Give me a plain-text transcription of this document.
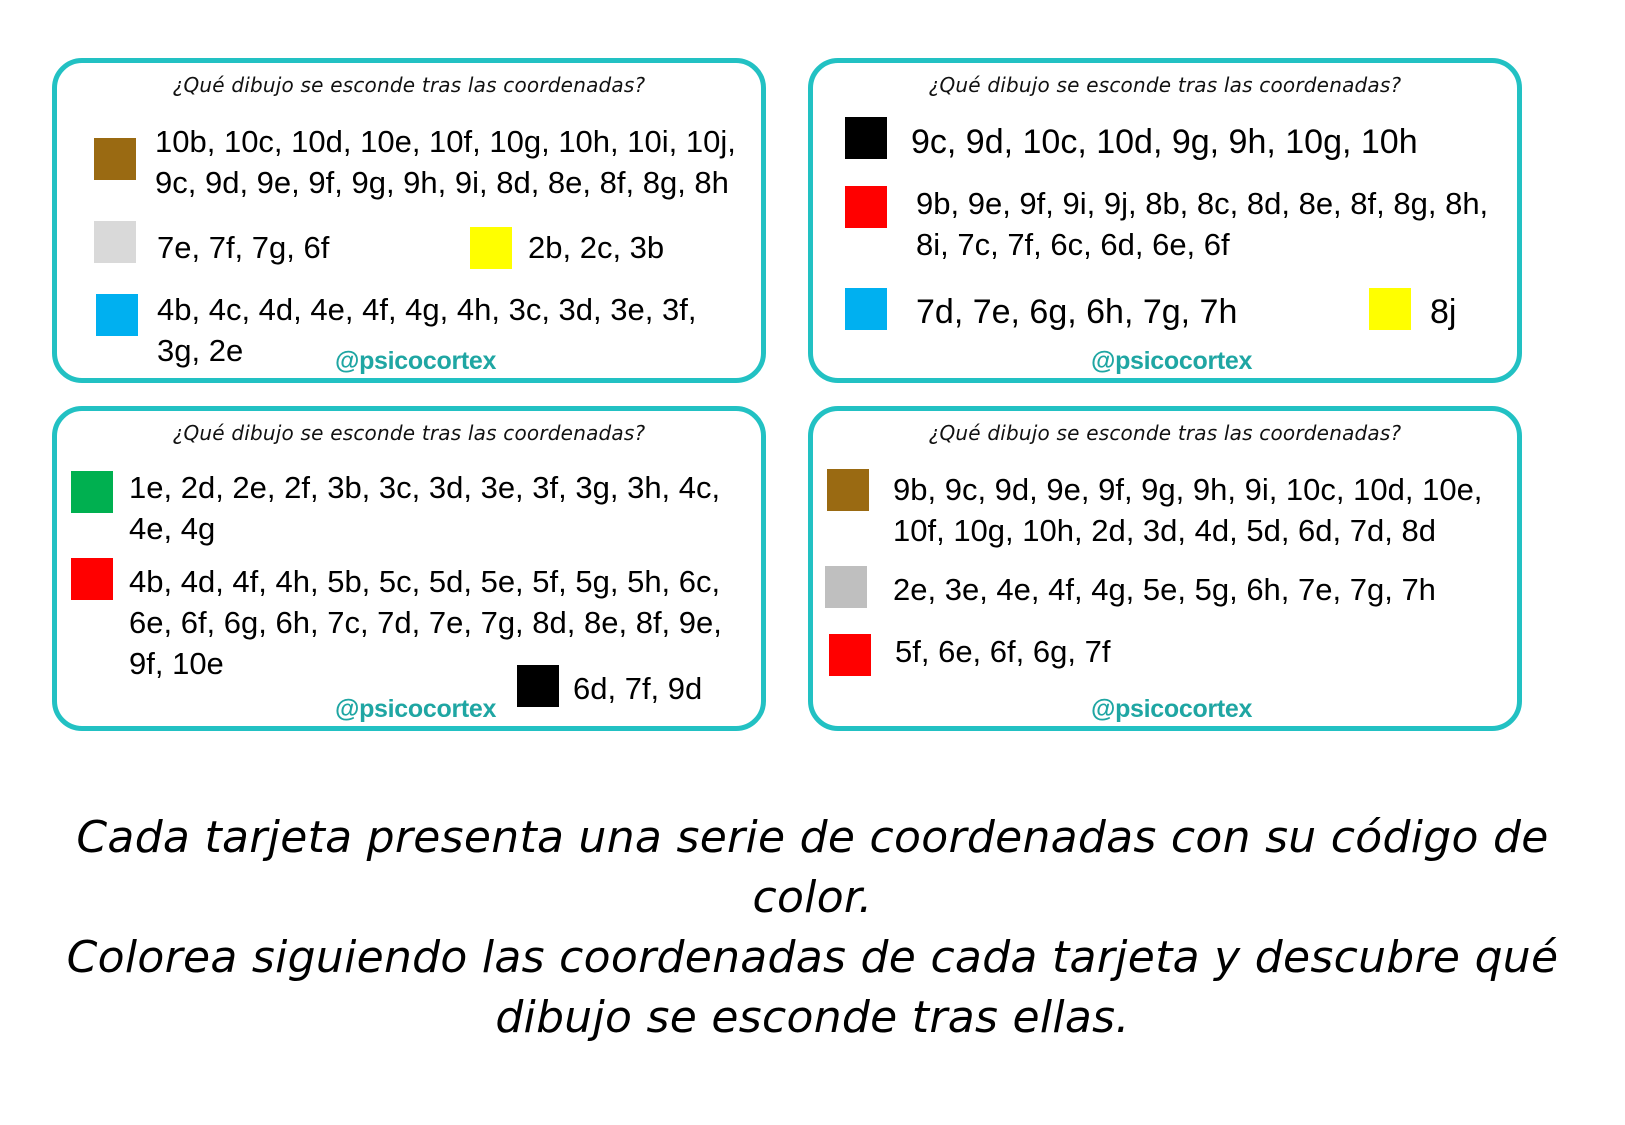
¿Qué dibujo se esconde tras las coordenadas?
10b, 10c, 10d, 10e, 10f, 10g, 10h, 10i, 10j, 9c, 9d, 9e, 9f, 9g, 9h, 9i, 8d, 8e, 8f, 8g, 8h
7e, 7f, 7g, 6f	2b, 2c, 3b
4b, 4c, 4d, 4e, 4f, 4g, 4h, 3c, 3d, 3e, 3f, 3g, 2e	@psicocortex
¿Qué dibujo se esconde tras las coordenadas?
9c, 9d, 10c, 10d, 9g, 9h, 10g, 10h
9b, 9e, 9f, 9i, 9j, 8b, 8c, 8d, 8e, 8f, 8g, 8h, 8i, 7c, 7f, 6c, 6d, 6e, 6f
7d, 7e, 6g, 6h, 7g, 7h	8j
@psicocortex
¿Qué dibujo se esconde tras las coordenadas?
1e, 2d, 2e, 2f, 3b, 3c, 3d, 3e, 3f, 3g, 3h, 4c, 4e, 4g
4b, 4d, 4f, 4h, 5b, 5c, 5d, 5e, 5f, 5g, 5h, 6c, 6e, 6f, 6g, 6h, 7c, 7d, 7e, 7g, 8d, 8e, 8f, 9e, 9f, 10e
6d, 7f, 9d
@psicocortex
¿Qué dibujo se esconde tras las coordenadas?
9b, 9c, 9d, 9e, 9f, 9g, 9h, 9i, 10c, 10d, 10e, 10f, 10g, 10h, 2d, 3d, 4d, 5d, 6d, 7d, 8d
2e, 3e, 4e, 4f, 4g, 5e, 5g, 6h, 7e, 7g, 7h
5f, 6e, 6f, 6g, 7f
@psicocortex

Cada tarjeta presenta una serie de coordenadas con su código de color.

Colorea siguiendo las coordenadas de cada tarjeta y descubre qué dibujo se esconde tras ellas.
